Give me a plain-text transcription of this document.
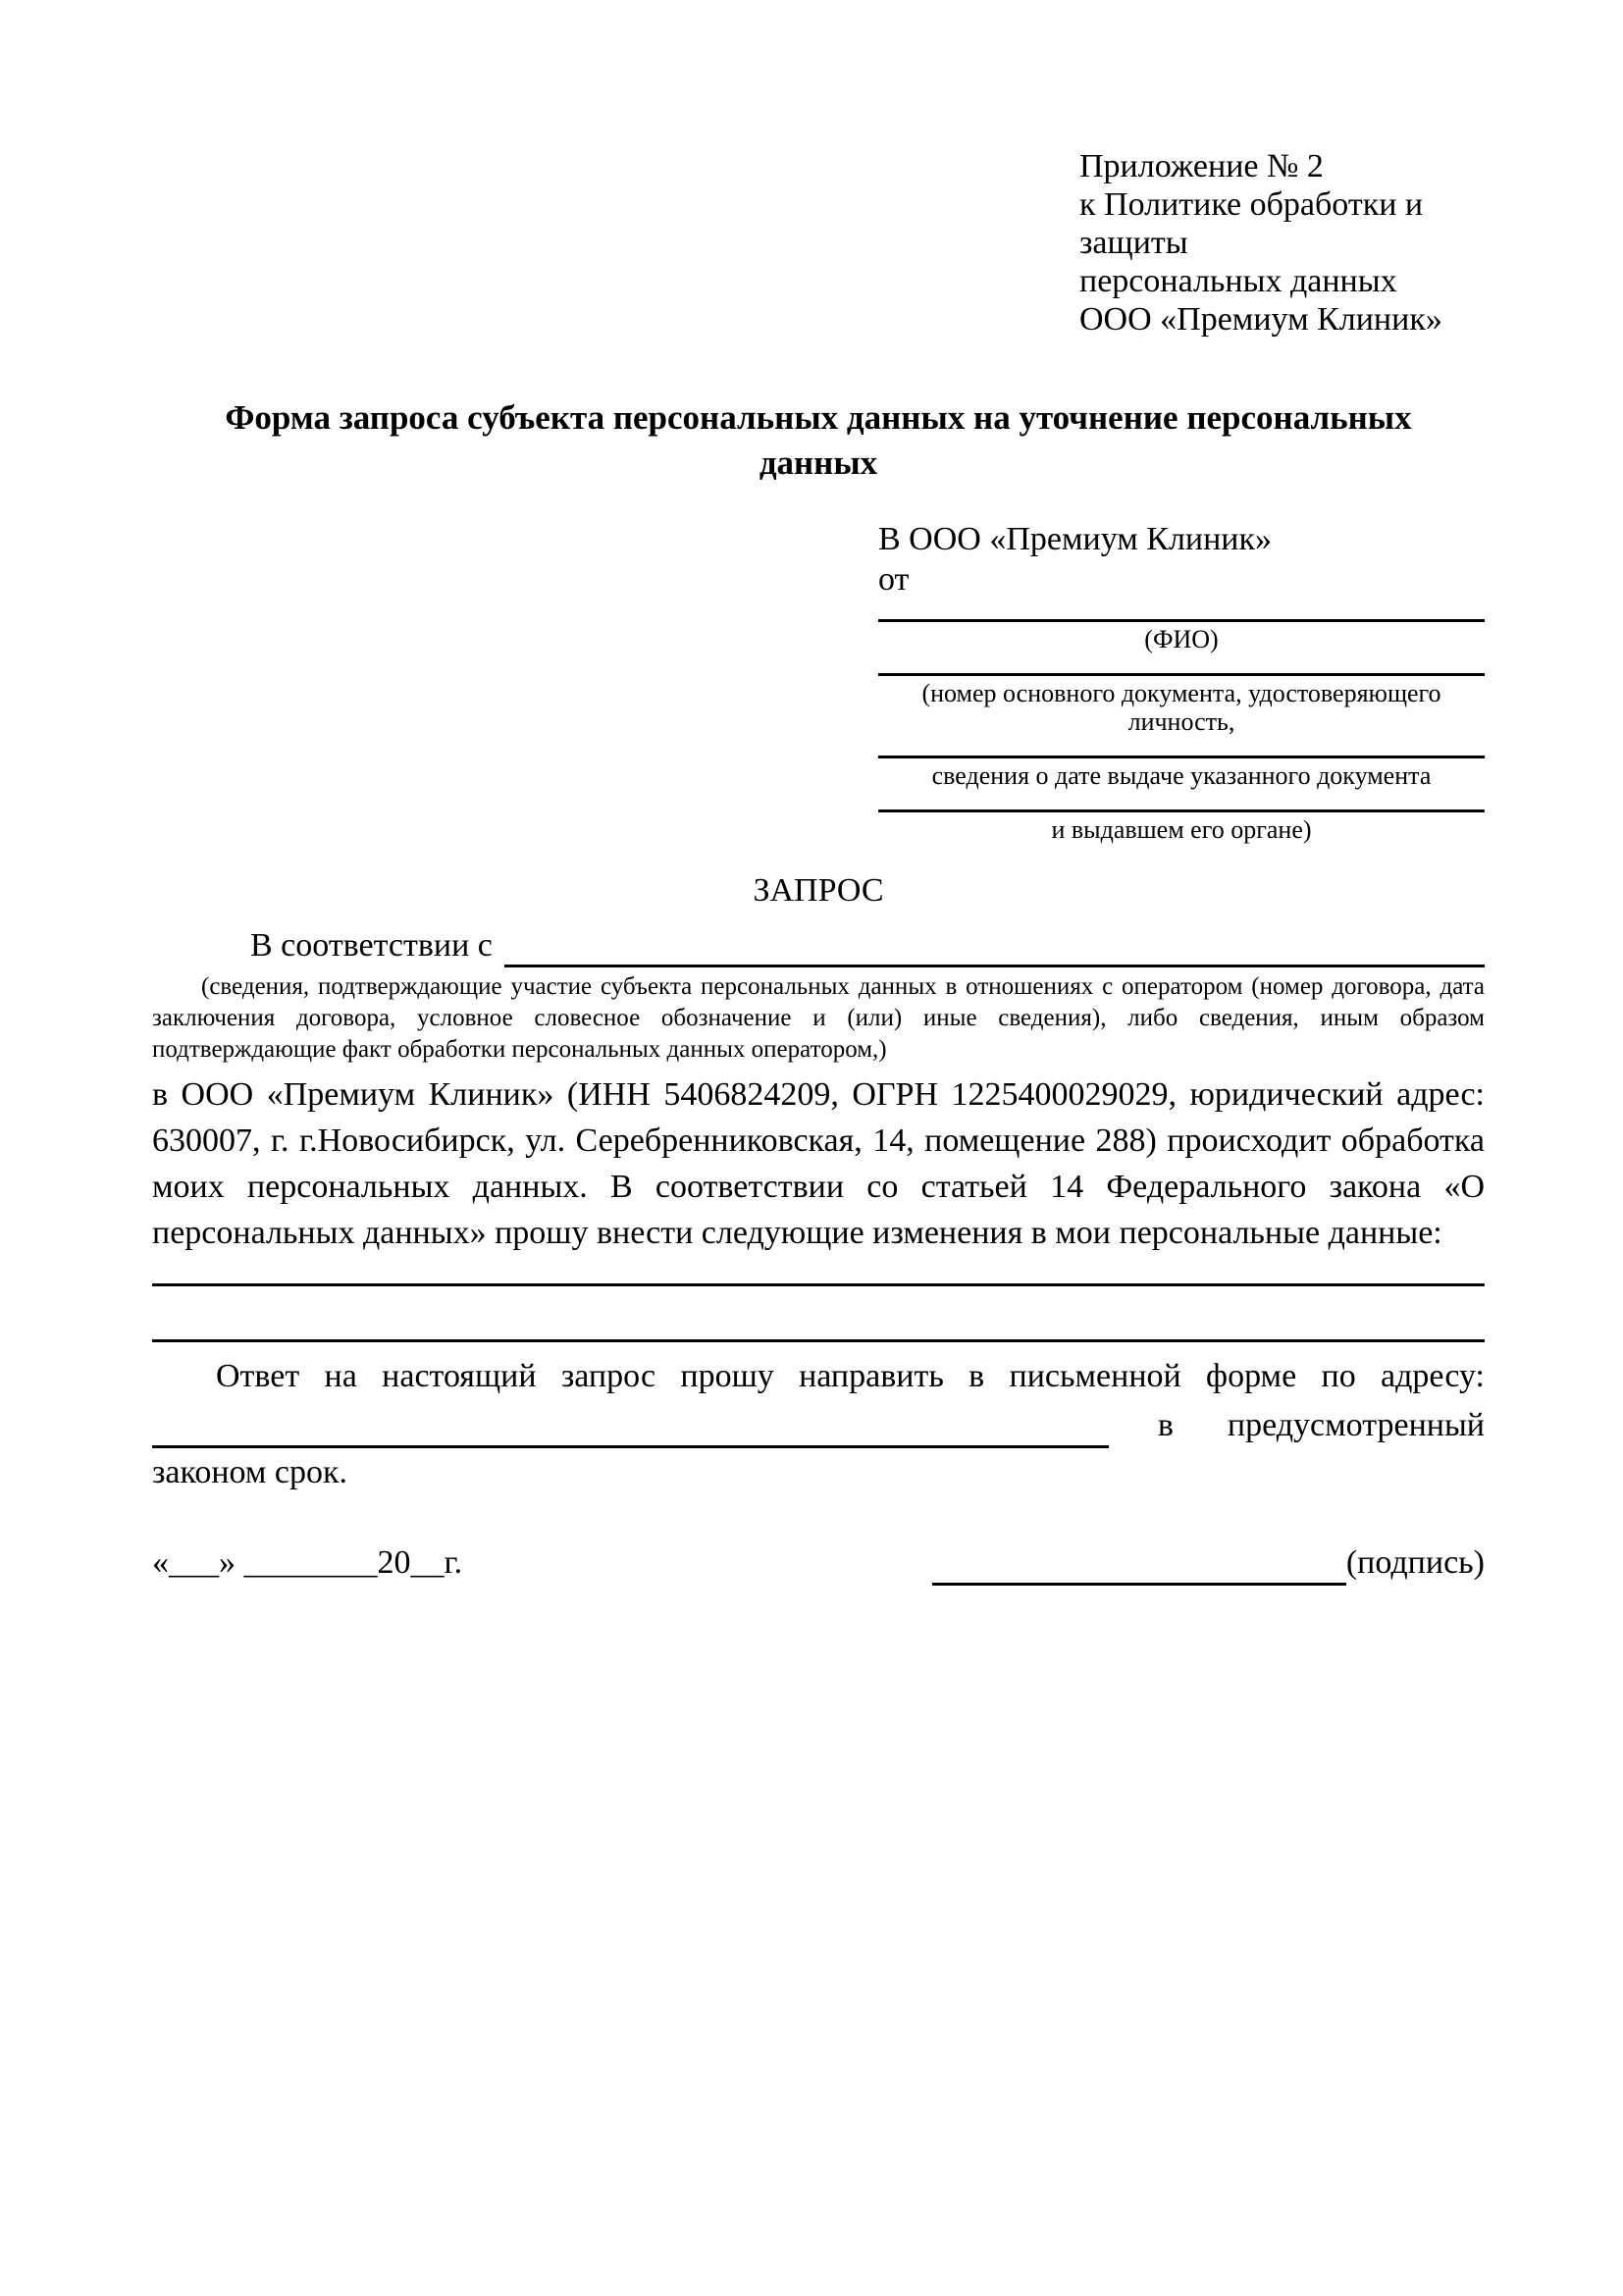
Приложение № 2
к Политике обработки и защиты
персональных данных
ООО «Премиум Клиник»
Форма запроса субъекта персональных данных на уточнение персональных данных
В ООО «Премиум Клиник»
от
(ФИО)
(номер основного документа, удостоверяющего личность,
сведения о дате выдаче указанного документа
и выдавшем его органе)
ЗАПРОС
В соответствии с
(сведения, подтверждающие участие субъекта персональных данных в отношениях с оператором (номер договора, дата заключения договора, условное словесное обозначение и (или) иные сведения), либо сведения, иным образом подтверждающие факт обработки персональных данных оператором,)

в ООО «Премиум Клиник» (ИНН 5406824209, ОГРН 1225400029029, юридический адрес: 630007, г. г.Новосибирск, ул. Серебренниковская, 14, помещение 288) происходит обработка моих персональных данных. В соответствии со статьей 14 Федерального закона «О персональных данных» прошу внести следующие изменения в мои персональные данные:

Ответ на настоящий запрос прошу направить в письменной форме по адресу:

в предусмотренный

законом срок.

«___» ________20__г.	(подпись)
